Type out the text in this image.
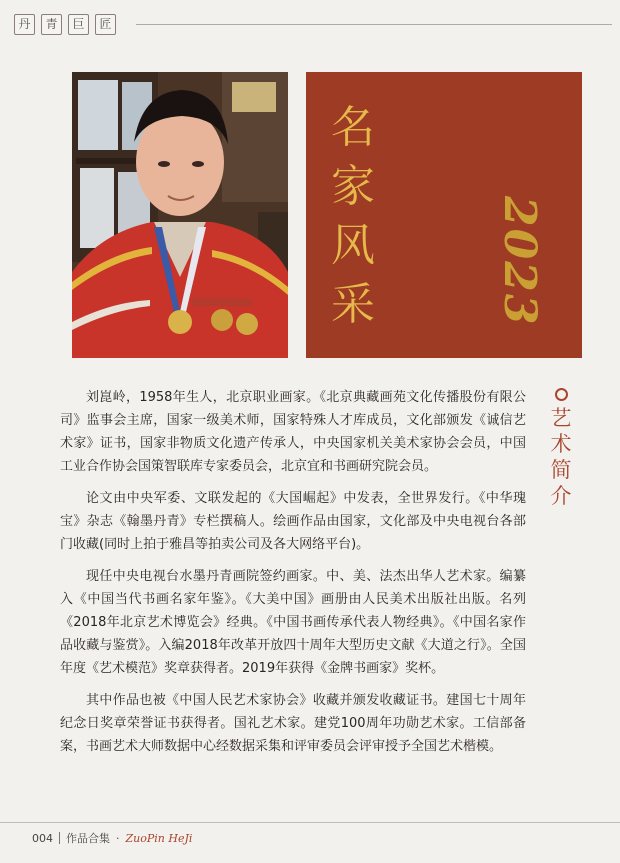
丹	青	巨	匠
名
家
风
采	2023
艺
术
简
介

刘崑岭，1958年生人，北京职业画家。《北京典藏画苑文化传播股份有限公司》监事会主席，国家一级美术师，国家特殊人才库成员，文化部颁发《诚信艺术家》证书，国家非物质文化遗产传承人，中央国家机关美术家协会会员，中国工业合作协会国策智联库专家委员会，北京宜和书画研究院会员。

论文由中央军委、文联发起的《大国崛起》中发表，全世界发行。《中华瑰宝》杂志《翰墨丹青》专栏撰稿人。绘画作品由国家，文化部及中央电视台各部门收藏(同时上拍于雅昌等拍卖公司及各大网络平台)。

现任中央电视台水墨丹青画院签约画家。中、美、法杰出华人艺术家。编纂入《中国当代书画名家年鉴》。《大美中国》画册由人民美术出版社出版。名列《2018年北京艺术博览会》经典。《中国书画传承代表人物经典》。《中国名家作品收藏与鉴赏》。入编2018年改革开放四十周年大型历史文献《大道之行》。全国年度《艺术模范》奖章获得者。2019年获得《金牌书画家》奖杯。

其中作品也被《中国人民艺术家协会》收藏并颁发收藏证书。建国七十周年纪念日奖章荣誉证书获得者。国礼艺术家。建党100周年功勋艺术家。工信部备案，书画艺术大师数据中心经数据采集和评审委员会评审授予全国艺术楷模。

004 作品合集 · ZuoPin HeJi
